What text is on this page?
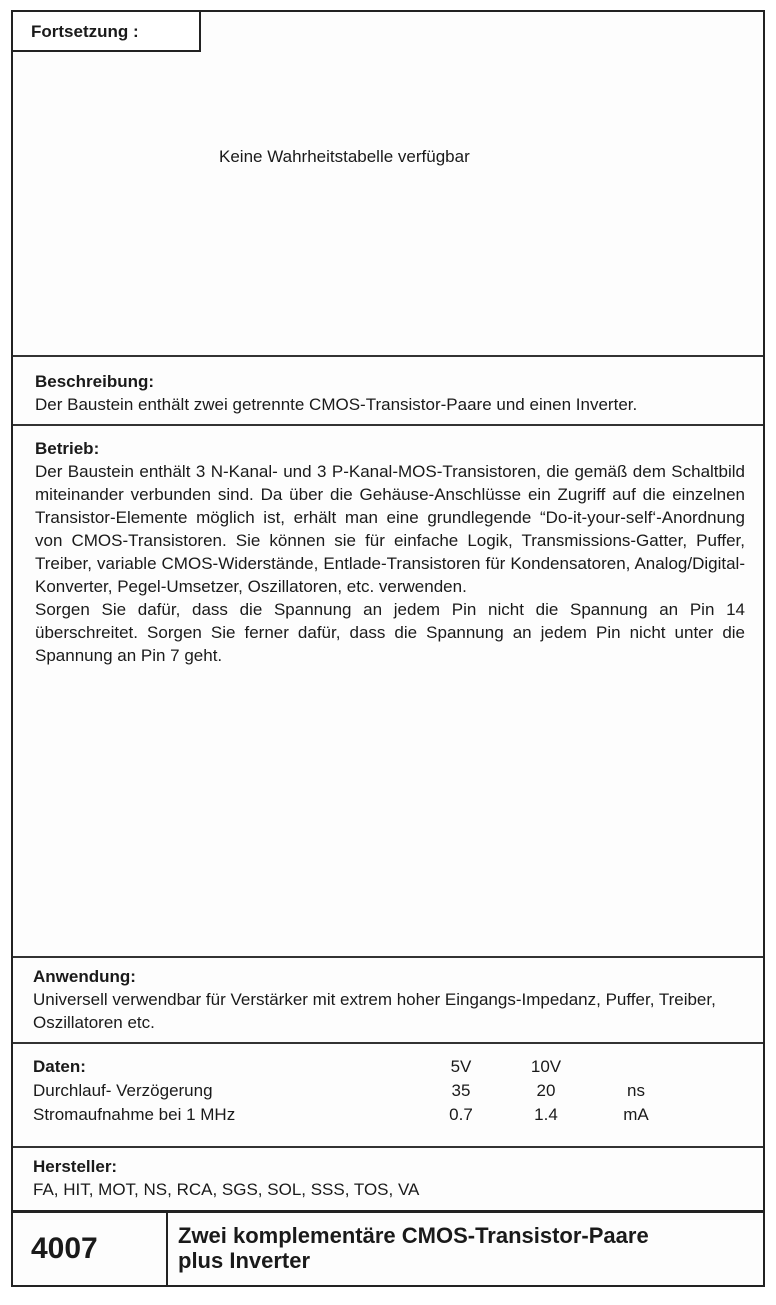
Fortsetzung :
Keine Wahrheitstabelle verfügbar
Beschreibung:
Der Baustein enthält zwei getrennte CMOS-Transistor-Paare und einen Inverter.
Betrieb:
Der Baustein enthält 3 N-Kanal- und 3 P-Kanal-MOS-Transistoren, die gemäß dem Schaltbild miteinander verbunden sind. Da über die Gehäuse-Anschlüsse ein Zugriff auf die einzelnen Transistor-Elemente möglich ist, erhält man eine grundlegende “Do-it-your-self‘-Anordnung von CMOS-Transistoren. Sie können sie für einfache Logik, Transmissions-Gatter, Puffer, Treiber, variable CMOS-Widerstände, Entlade-Transistoren für Kondensatoren, Analog/Digital-Konverter, Pegel-Umsetzer, Oszillatoren, etc. verwenden.
Sorgen Sie dafür, dass die Spannung an jedem Pin nicht die Spannung an Pin 14 überschreitet. Sorgen Sie ferner dafür, dass die Spannung an jedem Pin nicht unter die Spannung an Pin 7 geht.
Anwendung:
Universell verwendbar für Verstärker mit extrem hoher Eingangs-Impedanz, Puffer, Treiber, Oszillatoren etc.
Daten:	5V	10V
Durchlauf- Verzögerung	35	20	ns
Stromaufnahme bei 1 MHz	0.7	1.4	mA
Hersteller:
FA, HIT, MOT, NS, RCA, SGS, SOL, SSS, TOS, VA
4007	Zwei komplementäre CMOS-Transistor-Paare
plus Inverter
